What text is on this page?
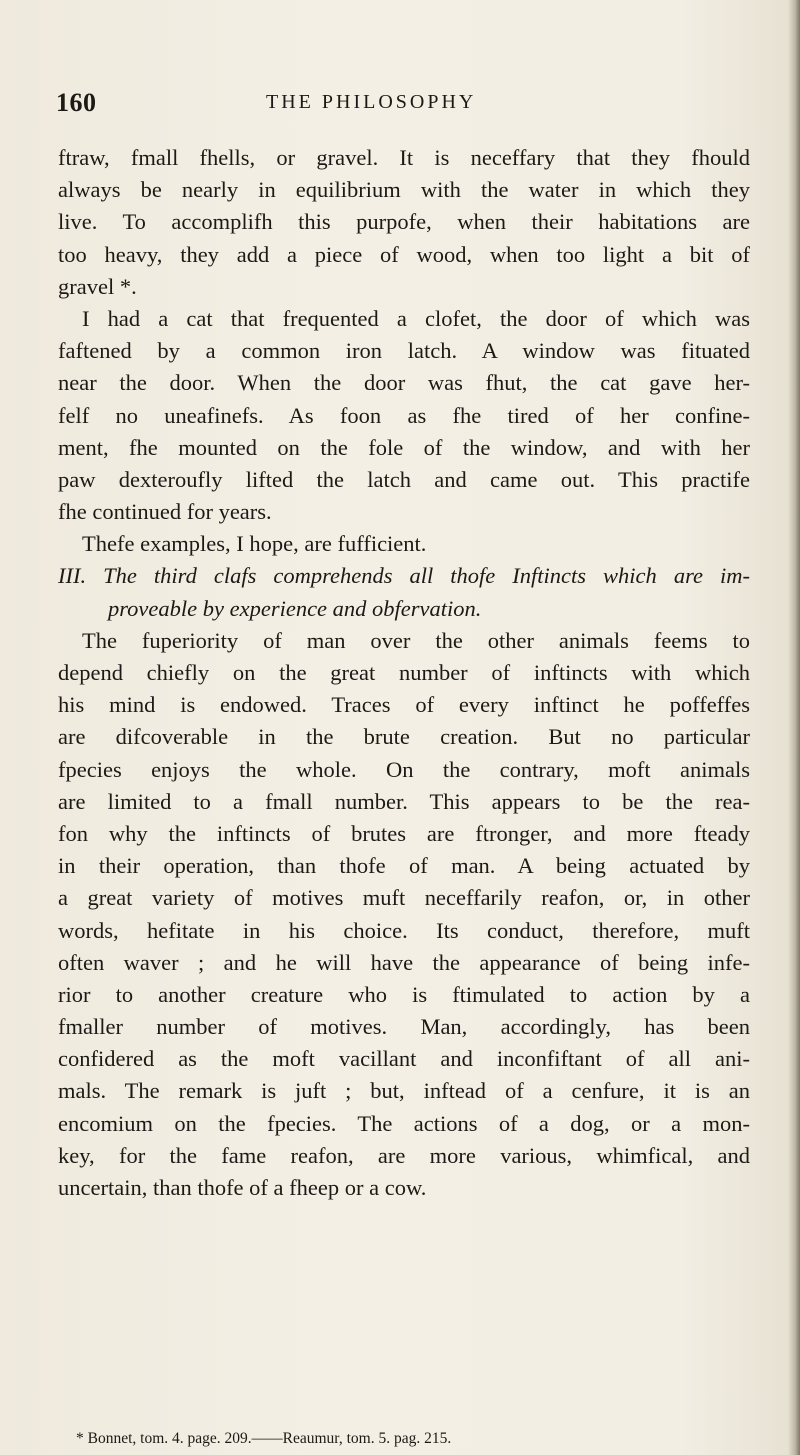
160	THE PHILOSOPHY
ftraw, fmall fhells, or gravel. It is neceffary that they fhould
always be nearly in equilibrium with the water in which they
live. To accomplifh this purpofe, when their habitations are
too heavy, they add a piece of wood, when too light a bit of
gravel *.
I had a cat that frequented a clofet, the door of which was
faftened by a common iron latch. A window was fituated
near the door. When the door was fhut, the cat gave her-
felf no uneafinefs. As foon as fhe tired of her confine-
ment, fhe mounted on the fole of the window, and with her
paw dexteroufly lifted the latch and came out. This practife
fhe continued for years.
Thefe examples, I hope, are fufficient.
III. The third clafs comprehends all thofe Inftincts which are im-
proveable by experience and obfervation.
The fuperiority of man over the other animals feems to
depend chiefly on the great number of inftincts with which
his mind is endowed. Traces of every inftinct he poffeffes
are difcoverable in the brute creation. But no particular
fpecies enjoys the whole. On the contrary, moft animals
are limited to a fmall number. This appears to be the rea-
fon why the inftincts of brutes are ftronger, and more fteady
in their operation, than thofe of man. A being actuated by
a great variety of motives muft neceffarily reafon, or, in other
words, hefitate in his choice. Its conduct, therefore, muft
often waver ; and he will have the appearance of being infe-
rior to another creature who is ftimulated to action by a
fmaller number of motives. Man, accordingly, has been
confidered as the moft vacillant and inconfiftant of all ani-
mals. The remark is juft ; but, inftead of a cenfure, it is an
encomium on the fpecies. The actions of a dog, or a mon-
key, for the fame reafon, are more various, whimfical, and
uncertain, than thofe of a fheep or a cow.
* Bonnet, tom. 4. page. 209.——Reaumur, tom. 5. pag. 215.
